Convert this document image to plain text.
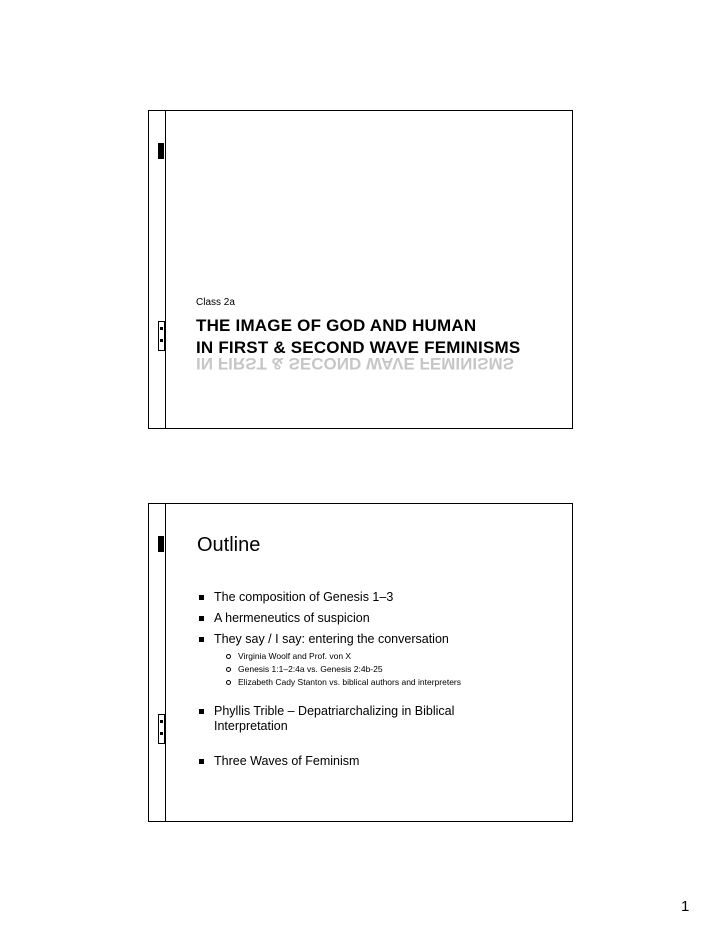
Class 2a
THE IMAGE OF GOD AND HUMAN
IN FIRST & SECOND WAVE FEMINISMS
IN FIRST & SECOND WAVE FEMINISMS
Outline
The composition of Genesis 1–3
A hermeneutics of suspicion
They say / I say: entering the conversation
Virginia Woolf and Prof. von X
Genesis 1:1–2:4a vs. Genesis 2:4b-25
Elizabeth Cady Stanton vs. biblical authors and interpreters
Phyllis Trible – Depatriarchalizing in Biblical Interpretation
Three Waves of Feminism
1
